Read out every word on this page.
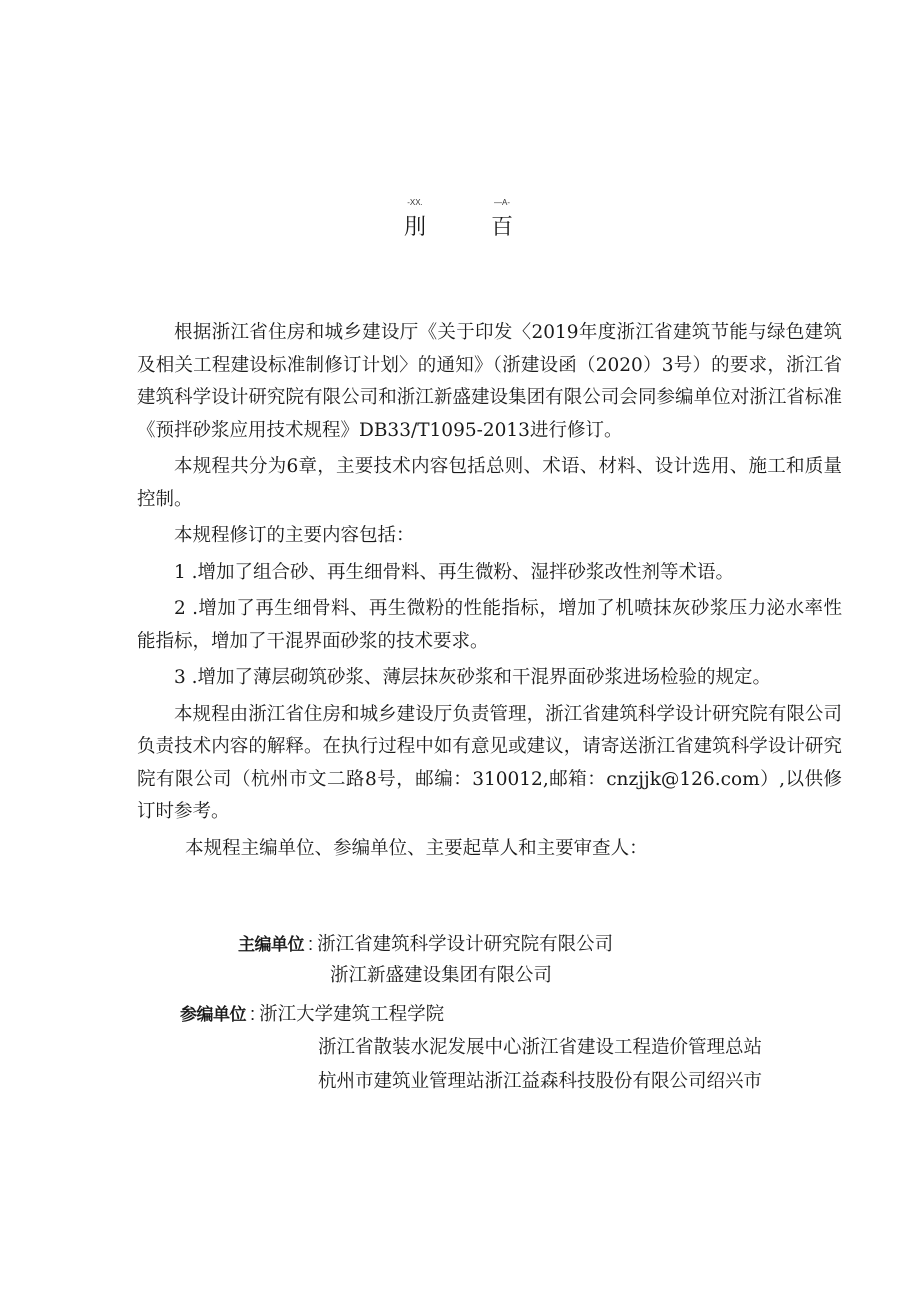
-XX.
刖
—A-
百

根据浙江省住房和城乡建设厅《关于印发〈2019年度浙江省建筑节能与绿色建筑及相关工程建设标准制修订计划〉的通知》（浙建设函（2020）3号）的要求，浙江省建筑科学设计研究院有限公司和浙江新盛建设集团有限公司会同参编单位对浙江省标准《预拌砂浆应用技术规程》DB33/T1095-2013进行修订。

本规程共分为6章，主要技术内容包括总则、术语、材料、设计选用、施工和质量控制。

本规程修订的主要内容包括：

1 .增加了组合砂、再生细骨料、再生微粉、湿拌砂浆改性剂等术语。

2 .增加了再生细骨料、再生微粉的性能指标，增加了机喷抹灰砂浆压力泌水率性能指标，增加了干混界面砂浆的技术要求。

3 .增加了薄层砌筑砂浆、薄层抹灰砂浆和干混界面砂浆进场检验的规定。

本规程由浙江省住房和城乡建设厅负责管理，浙江省建筑科学设计研究院有限公司负责技术内容的解释。在执行过程中如有意见或建议，请寄送浙江省建筑科学设计研究院有限公司（杭州市文二路8号，邮编：310012,邮箱：cnzjjk@126.com）,以供修订时参考。

本规程主编单位、参编单位、主要起草人和主要审查人：

主编单位 : 浙江省建筑科学设计研究院有限公司
浙江新盛建设集团有限公司
参编单位 : 浙江大学建筑工程学院
浙江省散装水泥发展中心浙江省建设工程造价管理总站
杭州市建筑业管理站浙江益森科技股份有限公司绍兴市
